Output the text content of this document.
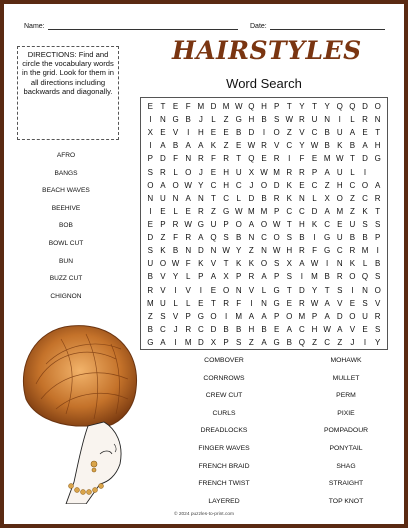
Name:	Date:
HAIRSTYLES
Word Search
DIRECTIONS: Find and circle the vocabulary words in the grid. Look for them in all directions including backwards and diagonally.
AFRO
BANGS
BEACH WAVES
BEEHIVE
BOB
BOWL CUT
BUN
BUZZ CUT
CHIGNON
E T E F M D M W Q H P T Y T Y Q Q D O
I	N G B J	L Z G H B S W R U N	I	L R N
X E V	I	H E E B D	I	O Z V C B U A E T
I	A B A A K Z E W R V C Y W B K B A H
P D F N R F R T Q E R	I	F E M W T D G
S R L O J E H U X W M R R P A U L	I
O A O W Y C H C J O D K E C Z H C O A
N U N A N T C L D B R K N L X O Z C R
I	E L E R Z G W M M P C C D A M Z K T
E P R W G U P O A O W T H K C E U S S
D Z F R A Q S B N C O S B	I	G U B B P
S K B N D N W Y Z N W H R F G C R M	I
U O W F K V T K K O S X A W I	N K L B
B V Y L P A X P R A P S	I	M B R O Q S
R V	I	V	I	E O N V L G T D Y T S	I	N O
M U L	L E T R F	I	N G E R W A V E S V
Z S V P G O	I	M A A P O M P A D O U R
B C J R C D B B H B E A C H W A V E S
G A	I	M D X P S Z A G B Q Z C Z	J	I	Y
COMBOVER
CORNROWS
CREW CUT
CURLS
DREADLOCKS
FINGER WAVES
FRENCH BRAID
FRENCH TWIST
LAYERED
MOHAWK
MULLET
PERM
PIXIE
POMPADOUR
PONYTAIL
SHAG
STRAIGHT
TOP KNOT
© 2024 puzzles-to-print.com
